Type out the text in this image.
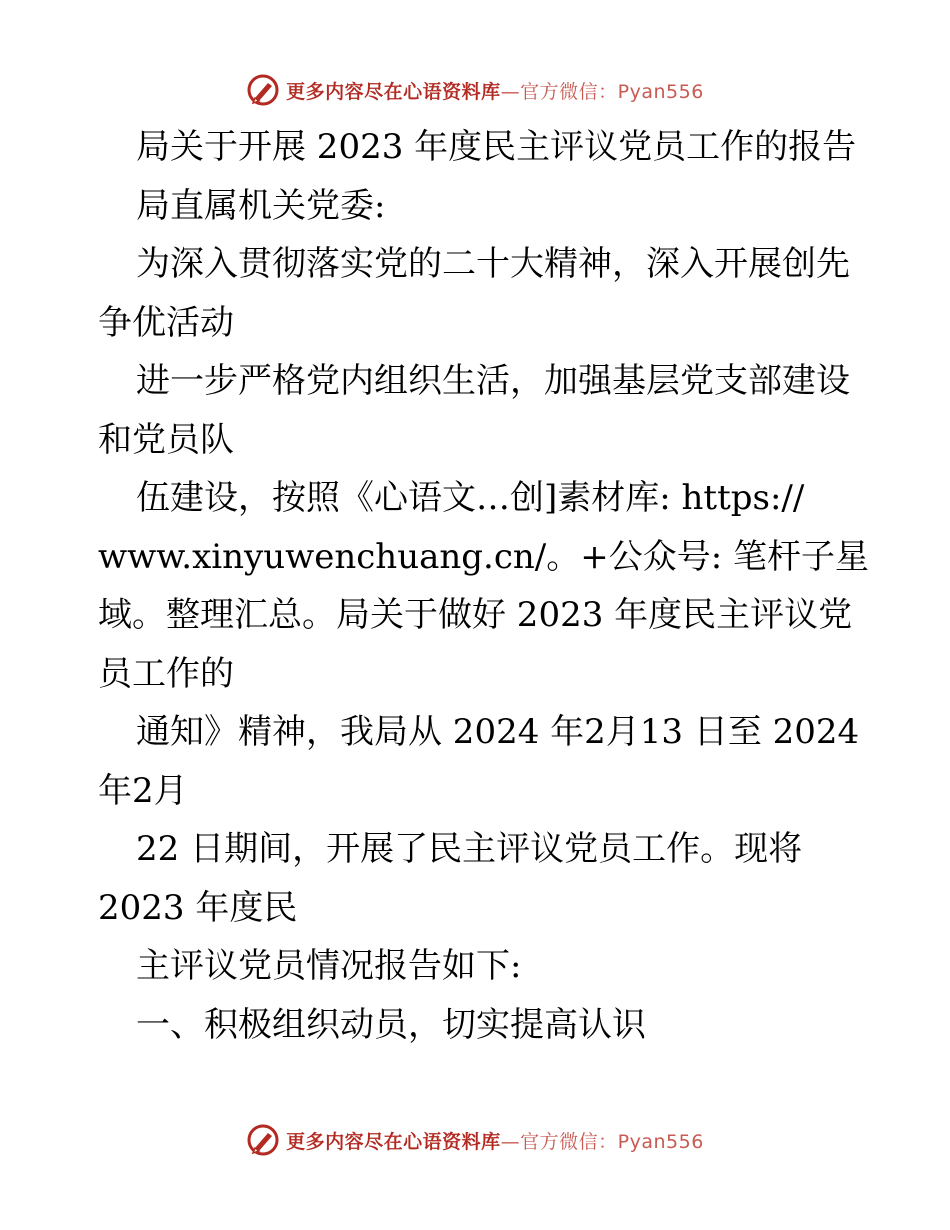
更多内容尽在心语资料库—官方微信：Pyan556
局关于开展 2023 年度民主评议党员工作的报告
局直属机关党委:
为深入贯彻落实党的二十大精神，深入开展创先
争优活动
进一步严格党内组织生活，加强基层党支部建设
和党员队
伍建设，按照《心语文…创]素材库: https://
www.xinyuwenchuang.cn/。+公众号: 笔杆子星
域。整理汇总。局关于做好 2023 年度民主评议党
员工作的
通知》精神，我局从 2024 年2月13 日至 2024
年2月
22 日期间，开展了民主评议党员工作。现将
2023 年度民
主评议党员情况报告如下:
一、积极组织动员，切实提高认识
更多内容尽在心语资料库—官方微信：Pyan556
